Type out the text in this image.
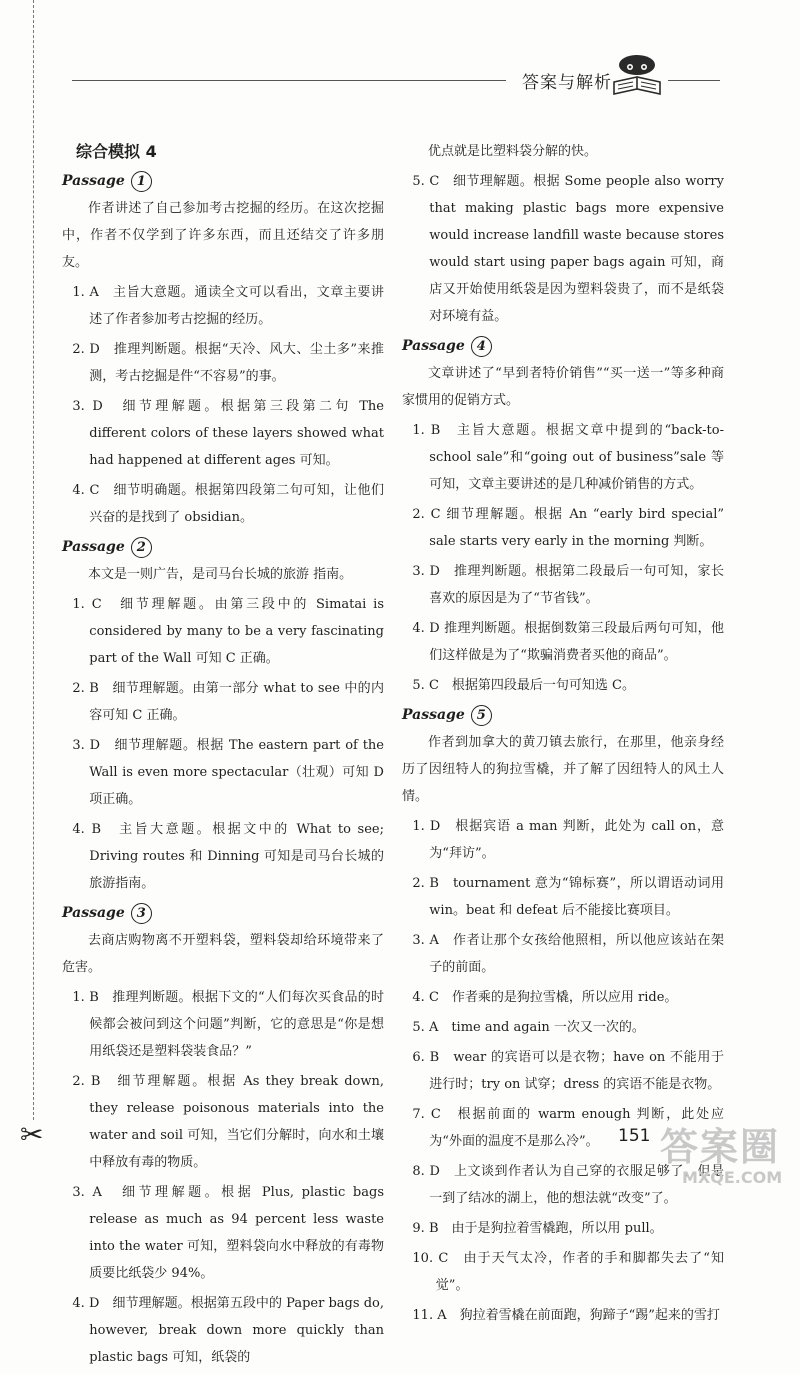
✂
答案与解析

综合模拟 4

Passage 1

作者讲述了自己参加考古挖掘的经历。在这次挖掘中，作者不仅学到了许多东西，而且还结交了许多朋友。

1. A　主旨大意题。通读全文可以看出，文章主要讲述了作者参加考古挖掘的经历。

2. D　推理判断题。根据“天冷、风大、尘土多”来推测，考古挖掘是件“不容易”的事。

3. D　细节理解题。根据第三段第二句 The different colors of these layers showed what had happened at different ages 可知。

4. C　细节明确题。根据第四段第二句可知，让他们兴奋的是找到了 obsidian。

Passage 2

本文是一则广告，是司马台长城的旅游 指南。

1. C　细节理解题。由第三段中的 Simatai is considered by many to be a very fascinating part of the Wall 可知 C 正确。

2. B　细节理解题。由第一部分 what to see 中的内容可知 C 正确。

3. D　细节理解题。根据 The eastern part of the Wall is even more spectacular（壮观）可知 D 项正确。

4. B　主旨大意题。根据文中的 What to see; Driving routes 和 Dinning 可知是司马台长城的旅游指南。

Passage 3

去商店购物离不开塑料袋，塑料袋却给环境带来了危害。

1. B　推理判断题。根据下文的“人们每次买食品的时候都会被问到这个问题”判断，它的意思是“你是想用纸袋还是塑料袋装食品？”

2. B　细节理解题。根据 As they break down, they release poisonous materials into the water and soil 可知，当它们分解时，向水和土壤中释放有毒的物质。

3. A　细节理解题。根据 Plus, plastic bags release as much as 94 percent less waste into the water 可知，塑料袋向水中释放的有毒物质要比纸袋少 94%。

4. D　细节理解题。根据第五段中的 Paper bags do, however, break down more quickly than plastic bags 可知，纸袋的

优点就是比塑料袋分解的快。

5. C　细节理解题。根据 Some people also worry that making plastic bags more expensive would increase landfill waste because stores would start using paper bags again 可知，商店又开始使用纸袋是因为塑料袋贵了，而不是纸袋对环境有益。

Passage 4

文章讲述了“早到者特价销售”“买一送一”等多种商家惯用的促销方式。

1. B　主旨大意题。根据文章中提到的“back-to-school sale”和“going out of business”sale 等可知，文章主要讲述的是几种减价销售的方式。

2. C 细节理解题。根据 An “early bird special” sale starts very early in the morning 判断。

3. D　推理判断题。根据第二段最后一句可知，家长喜欢的原因是为了“节省钱”。

4. D 推理判断题。根据倒数第三段最后两句可知，他们这样做是为了“欺骗消费者买他的商品”。

5. C　根据第四段最后一句可知选 C。

Passage 5

作者到加拿大的黄刀镇去旅行，在那里，他亲身经历了因纽特人的狗拉雪橇，并了解了因纽特人的风土人情。

1. D　根据宾语 a man 判断，此处为 call on，意为“拜访”。

2. B　tournament 意为“锦标赛”，所以谓语动词用 win。beat 和 defeat 后不能接比赛项目。

3. A　作者让那个女孩给他照相，所以他应该站在架子的前面。

4. C　作者乘的是狗拉雪橇，所以应用 ride。

5. A　time and again 一次又一次的。

6. B　wear 的宾语可以是衣物；have on 不能用于进行时；try on 试穿；dress 的宾语不能是衣物。

7. C　根据前面的 warm enough 判断，此处应为“外面的温度不是那么冷”。

8. D　上文谈到作者认为自己穿的衣服足够了，但是一到了结冰的湖上，他的想法就“改变”了。

9. B　由于是狗拉着雪橇跑，所以用 pull。

10. C　由于天气太冷，作者的手和脚都失去了“知觉”。

11. A　狗拉着雪橇在前面跑，狗蹄子“踢”起来的雪打

151 答案圈
MXQE.COM
